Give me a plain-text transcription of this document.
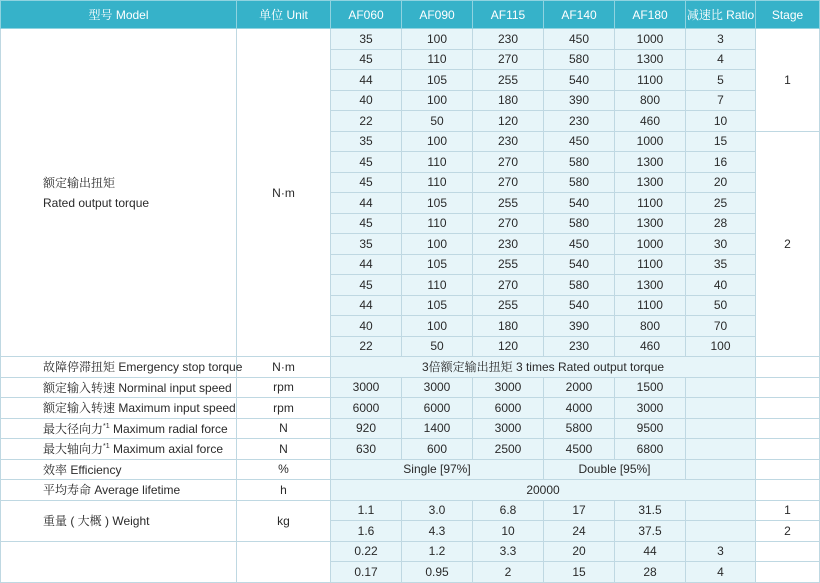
型号 Model	单位 Unit	AF060	AF090	AF115	AF140	AF180	减速比 Ratio	Stage

额定输出扭矩
Rated output torque	N·m	35	100	230	450	1000	3	1
		45	110	270	580	1300	4	
		44	105	255	540	1100	5	
		40	100	180	390	800	7	
		22	50	120	230	460	10	
		35	100	230	450	1000	15	2
		45	110	270	580	1300	16	
		45	110	270	580	1300	20	
		44	105	255	540	1100	25	
		45	110	270	580	1300	28	
		35	100	230	450	1000	30	
		44	105	255	540	1100	35	
		45	110	270	580	1300	40	
		44	105	255	540	1100	50	
		40	100	180	390	800	70	
		22	50	120	230	460	100	
故障停滞扭矩 Emergency stop torque	N·m	3倍额定输出扭矩 3 times Rated output torque						
额定输入转速 Norminal input speed	rpm	3000	3000	3000	2000	1500		
额定输入转速 Maximum input speed	rpm	6000	6000	6000	4000	3000		
最大径向力$^{*1}$ Maximum radial force	N	920	1400	3000	5800	9500		
最大轴向力$^{*1}$ Maximum axial force	N	630	600	2500	4500	6800		
效率 Efficiency	%	Single [97%]			Double [95%]			
平均寿命 Average lifetime	h	20000						
重量 ( 大概 ) Weight	kg	1.1	3.0	6.8	17	31.5		1
		1.6	4.3	10	24	37.5		2
		0.22	1.2	3.3	20	44	3	
		0.17	0.95	2	15	28	4	
